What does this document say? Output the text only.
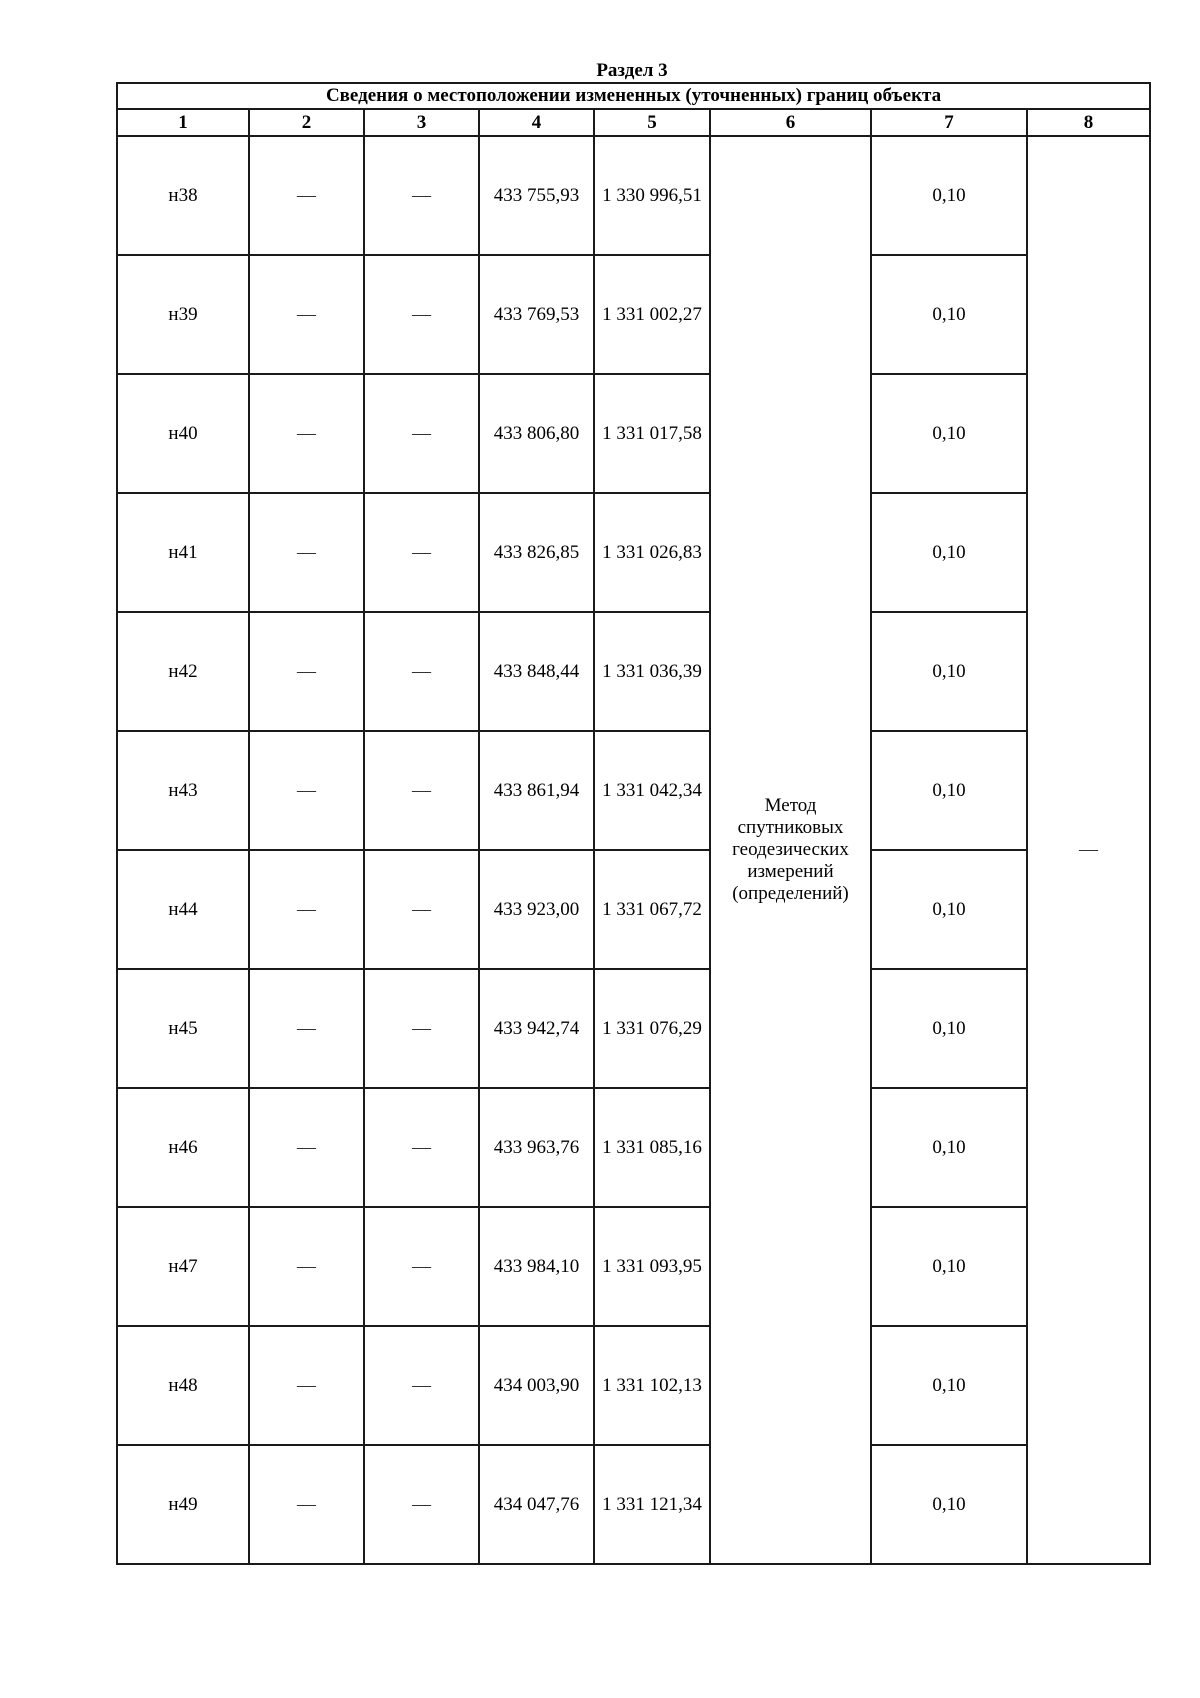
Раздел 3
Сведения о местоположении измененных (уточненных) границ объекта							
1	2	3	4	5	6	7	8
н38	—	—	433 755,93	1 330 996,51	Метод
спутниковых
геодезических
измерений
(определений)	0,10	—
н39	—	—	433 769,53	1 331 002,27		0,10	
н40	—	—	433 806,80	1 331 017,58		0,10	
н41	—	—	433 826,85	1 331 026,83		0,10	
н42	—	—	433 848,44	1 331 036,39		0,10	
н43	—	—	433 861,94	1 331 042,34		0,10	
н44	—	—	433 923,00	1 331 067,72		0,10	
н45	—	—	433 942,74	1 331 076,29		0,10	
н46	—	—	433 963,76	1 331 085,16		0,10	
н47	—	—	433 984,10	1 331 093,95		0,10	
н48	—	—	434 003,90	1 331 102,13		0,10	
н49	—	—	434 047,76	1 331 121,34		0,10	
